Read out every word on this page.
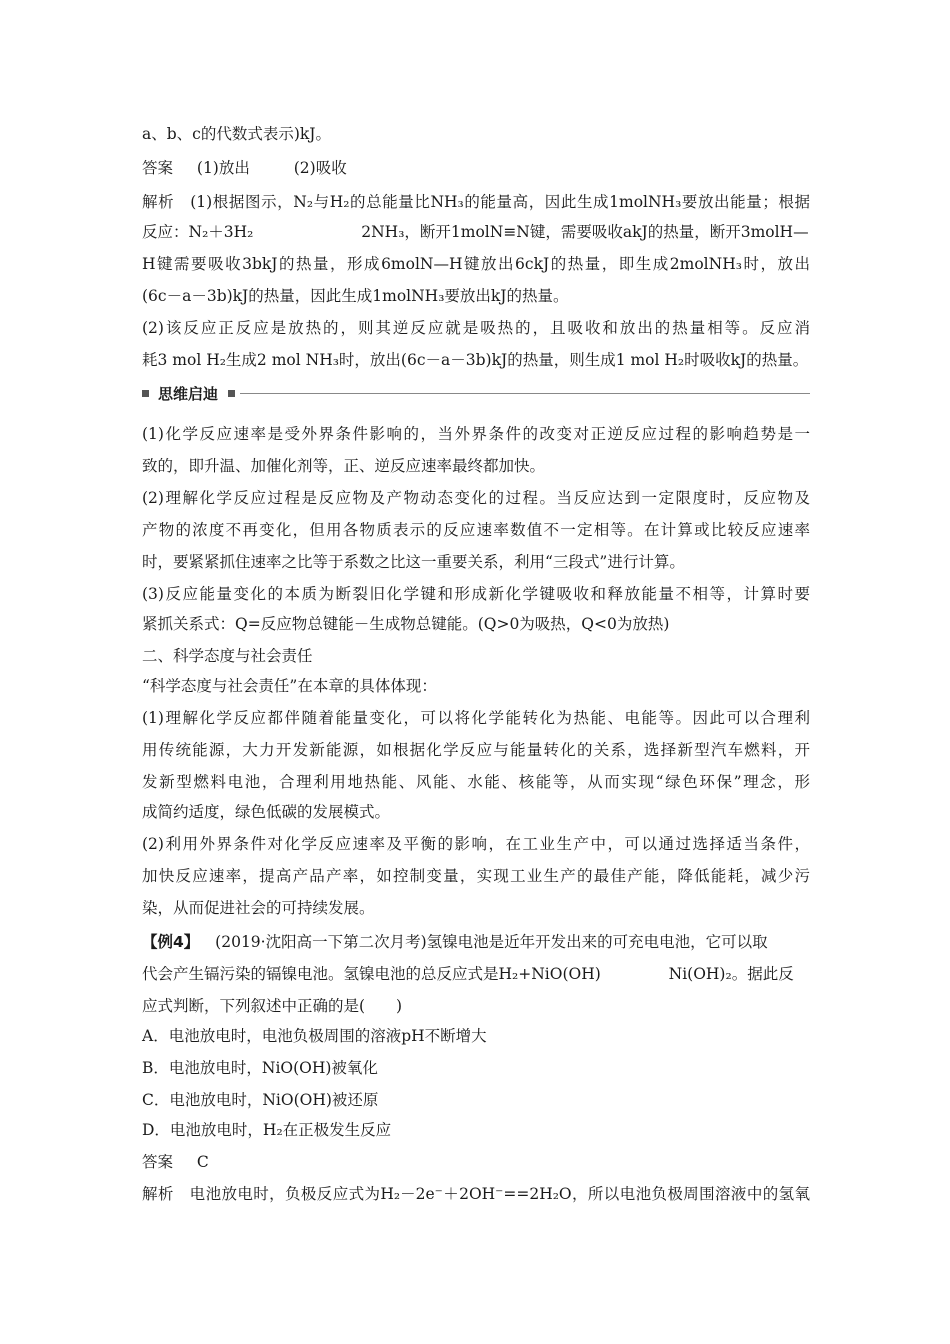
a、b、c的代数式表示)kJ。
答案 (1)放出	(2)吸收
解析　(1)根据图示，N₂与H₂的总能量比NH₃的能量高，因此生成1molNH₃要放出能量；根据
反应：N₂＋3H₂	2NH₃，断开1molN≡N键，需要吸收akJ的热量，断开3molH—
H键需要吸收3bkJ的热量，形成6molN—H键放出6ckJ的热量，即生成2molNH₃时，放出
(6c－a－3b)kJ的热量，因此生成1molNH₃要放出kJ的热量。
(2)该反应正反应是放热的，则其逆反应就是吸热的，且吸收和放出的热量相等。反应消
耗3 mol H₂生成2 mol NH₃时，放出(6c－a－3b)kJ的热量，则生成1 mol H₂时吸收kJ的热量。
思维启迪
(1)化学反应速率是受外界条件影响的，当外界条件的改变对正逆反应过程的影响趋势是一
致的，即升温、加催化剂等，正、逆反应速率最终都加快。
(2)理解化学反应过程是反应物及产物动态变化的过程。当反应达到一定限度时，反应物及
产物的浓度不再变化，但用各物质表示的反应速率数值不一定相等。在计算或比较反应速率
时，要紧紧抓住速率之比等于系数之比这一重要关系，利用“三段式”进行计算。
(3)反应能量变化的本质为断裂旧化学键和形成新化学键吸收和释放能量不相等，计算时要
紧抓关系式：Q=反应物总键能－生成物总键能。(Q>0为吸热，Q<0为放热)
二、科学态度与社会责任
“科学态度与社会责任”在本章的具体体现：
(1)理解化学反应都伴随着能量变化，可以将化学能转化为热能、电能等。因此可以合理利
用传统能源，大力开发新能源，如根据化学反应与能量转化的关系，选择新型汽车燃料，开
发新型燃料电池，合理利用地热能、风能、水能、核能等，从而实现“绿色环保”理念，形
成简约适度，绿色低碳的发展模式。
(2)利用外界条件对化学反应速率及平衡的影响，在工业生产中，可以通过选择适当条件，
加快反应速率，提高产品产率，如控制变量，实现工业生产的最佳产能，降低能耗，减少污
染，从而促进社会的可持续发展。
【例4】 (2019·沈阳高一下第二次月考)氢镍电池是近年开发出来的可充电电池，它可以取
代会产生镉污染的镉镍电池。氢镍电池的总反应式是H₂+NiO(OH)	Ni(OH)₂。据此反
应式判断，下列叙述中正确的是(　　)
A．电池放电时，电池负极周围的溶液pH不断增大
B．电池放电时，NiO(OH)被氧化
C．电池放电时，NiO(OH)被还原
D．电池放电时，H₂在正极发生反应
答案 C
解析　电池放电时，负极反应式为H₂－2e⁻＋2OH⁻==2H₂O，所以电池负极周围溶液中的氢氧
